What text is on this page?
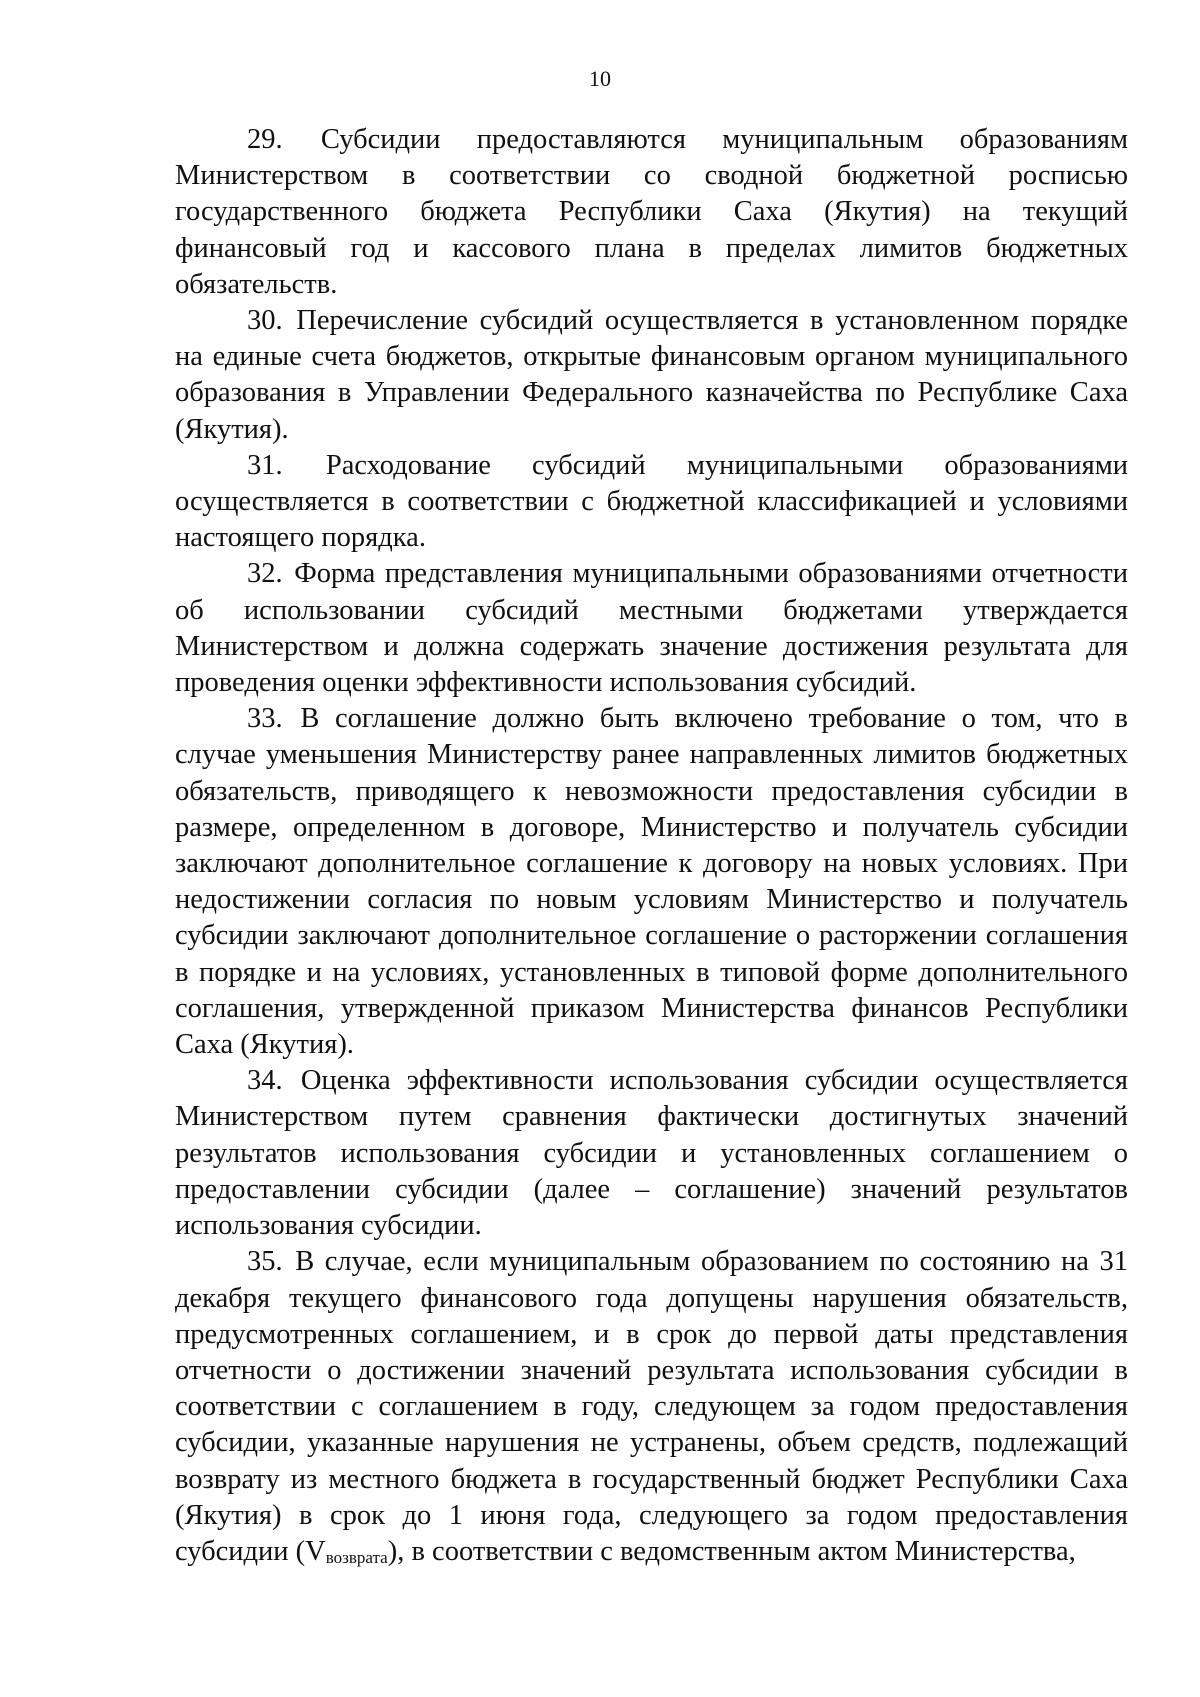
10

29. Субсидии предоставляются муниципальным образованиям Министерством в соответствии со сводной бюджетной росписью государственного бюджета Республики Саха (Якутия) на текущий финансовый год и кассового плана в пределах лимитов бюджетных обязательств.

30. Перечисление субсидий осуществляется в установленном порядке на единые счета бюджетов, открытые финансовым органом муниципального образования в Управлении Федерального казначейства по Республике Саха (Якутия).

31. Расходование субсидий муниципальными образованиями осуществляется в соответствии с бюджетной классификацией и условиями настоящего порядка.

32. Форма представления муниципальными образованиями отчетности об использовании субсидий местными бюджетами утверждается Министерством и должна содержать значение достижения результата для проведения оценки эффективности использования субсидий.

33. В соглашение должно быть включено требование о том, что в случае уменьшения Министерству ранее направленных лимитов бюджетных обязательств, приводящего к невозможности предоставления субсидии в размере, определенном в договоре, Министерство и получатель субсидии заключают дополнительное соглашение к договору на новых условиях. При недостижении согласия по новым условиям Министерство и получатель субсидии заключают дополнительное соглашение о расторжении соглашения в порядке и на условиях, установленных в типовой форме дополнительного соглашения, утвержденной приказом Министерства финансов Республики Саха (Якутия).

34. Оценка эффективности использования субсидии осуществляется Министерством путем сравнения фактически достигнутых значений результатов использования субсидии и установленных соглашением о предоставлении субсидии (далее – соглашение) значений результатов использования субсидии.

35. В случае, если муниципальным образованием по состоянию на 31 декабря текущего финансового года допущены нарушения обязательств, предусмотренных соглашением, и в срок до первой даты представления отчетности о достижении значений результата использования субсидии в соответствии с соглашением в году, следующем за годом предоставления субсидии, указанные нарушения не устранены, объем средств, подлежащий возврату из местного бюджета в государственный бюджет Республики Саха (Якутия) в срок до 1 июня года, следующего за годом предоставления субсидии (Vвозврата), в соответствии с ведомственным актом Министерства,
